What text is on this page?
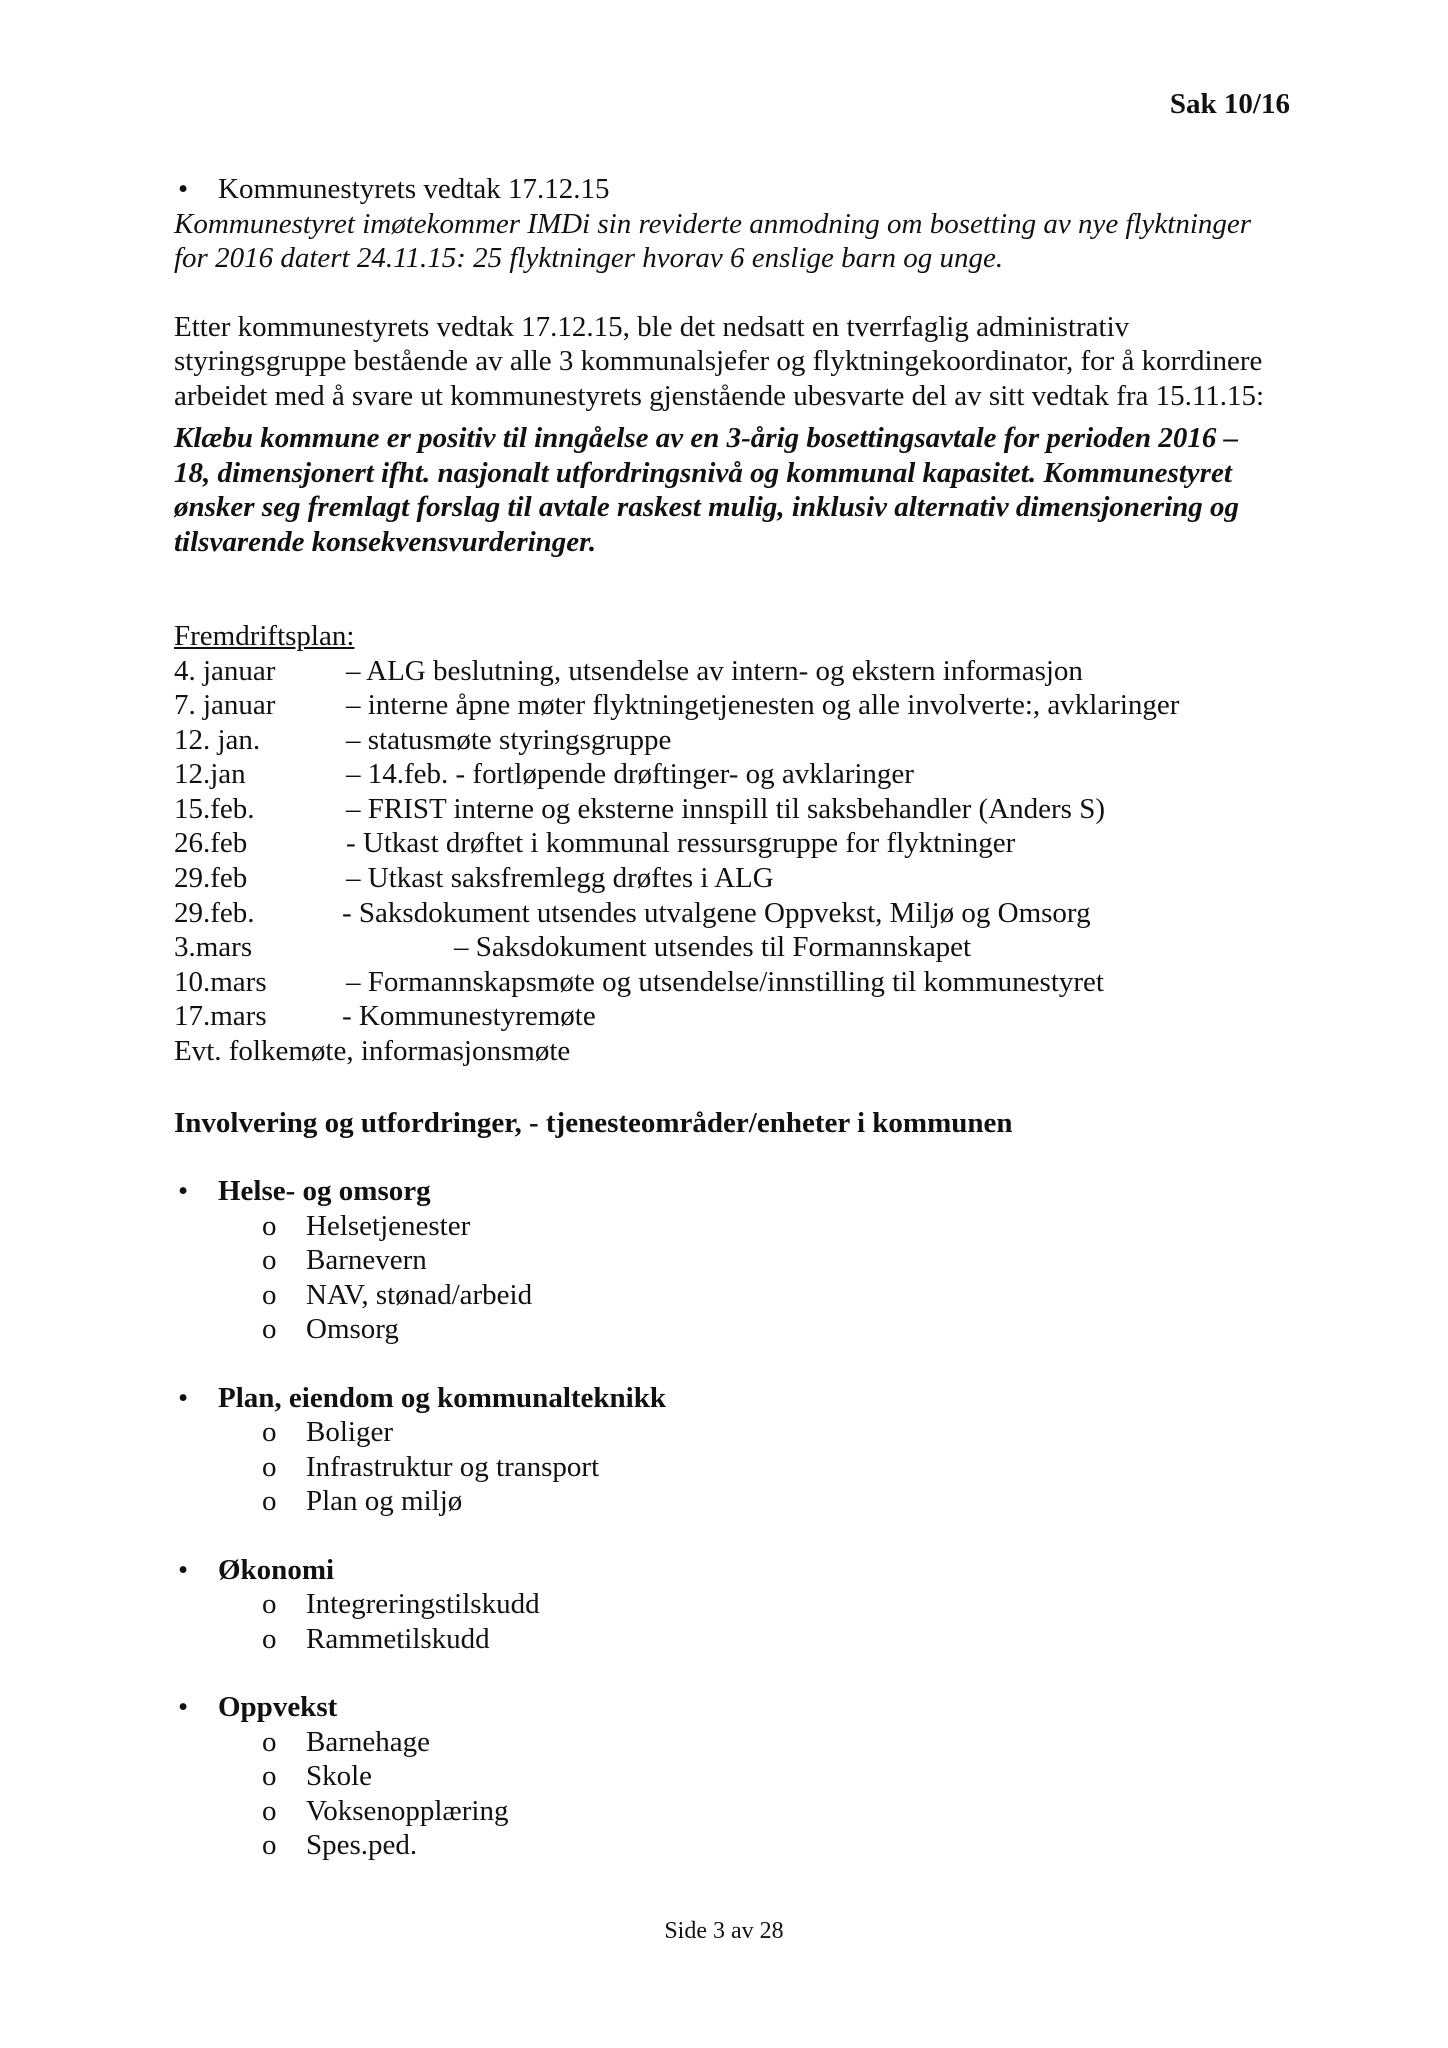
Sak 10/16
• Kommunestyrets vedtak 17.12.15
Kommunestyret imøtekommer IMDi sin reviderte anmodning om bosetting av nye flyktninger
for 2016 datert 24.11.15: 25 flyktninger hvorav 6 enslige barn og unge.
Etter kommunestyrets vedtak 17.12.15, ble det nedsatt en tverrfaglig administrativ
styringsgruppe bestående av alle 3 kommunalsjefer og flyktningekoordinator, for å korrdinere
arbeidet med å svare ut kommunestyrets gjenstående ubesvarte del av sitt vedtak fra 15.11.15:
Klæbu kommune er positiv til inngåelse av en 3-årig bosettingsavtale for perioden 2016 –
18, dimensjonert ifht. nasjonalt utfordringsnivå og kommunal kapasitet. Kommunestyret
ønsker seg fremlagt forslag til avtale raskest mulig, inklusiv alternativ dimensjonering og
tilsvarende konsekvensvurderinger.
Fremdriftsplan:
4. januar – ALG beslutning, utsendelse av intern- og ekstern informasjon
7. januar – interne åpne møter flyktningetjenesten og alle involverte:, avklaringer
12. jan.	– statusmøte styringsgruppe
12.jan	– 14.feb. - fortløpende drøftinger- og avklaringer
15.feb.	– FRIST interne og eksterne innspill til saksbehandler (Anders S)
26.feb	- Utkast drøftet i kommunal ressursgruppe for flyktninger
29.feb	– Utkast saksfremlegg drøftes i ALG
29.feb.	- Saksdokument utsendes utvalgene Oppvekst, Miljø og Omsorg
3.mars	– Saksdokument utsendes til Formannskapet
10.mars	– Formannskapsmøte og utsendelse/innstilling til kommunestyret
17.mars	- Kommunestyremøte
Evt. folkemøte, informasjonsmøte
Involvering og utfordringer, - tjenesteområder/enheter i kommunen
• Helse- og omsorg
o Helsetjenester
o Barnevern
o NAV, stønad/arbeid
o Omsorg
• Plan, eiendom og kommunalteknikk
o Boliger
o Infrastruktur og transport
o Plan og miljø
• Økonomi
o Integreringstilskudd
o Rammetilskudd
• Oppvekst
o Barnehage
o Skole
o Voksenopplæring
o Spes.ped.
Side 3 av 28
